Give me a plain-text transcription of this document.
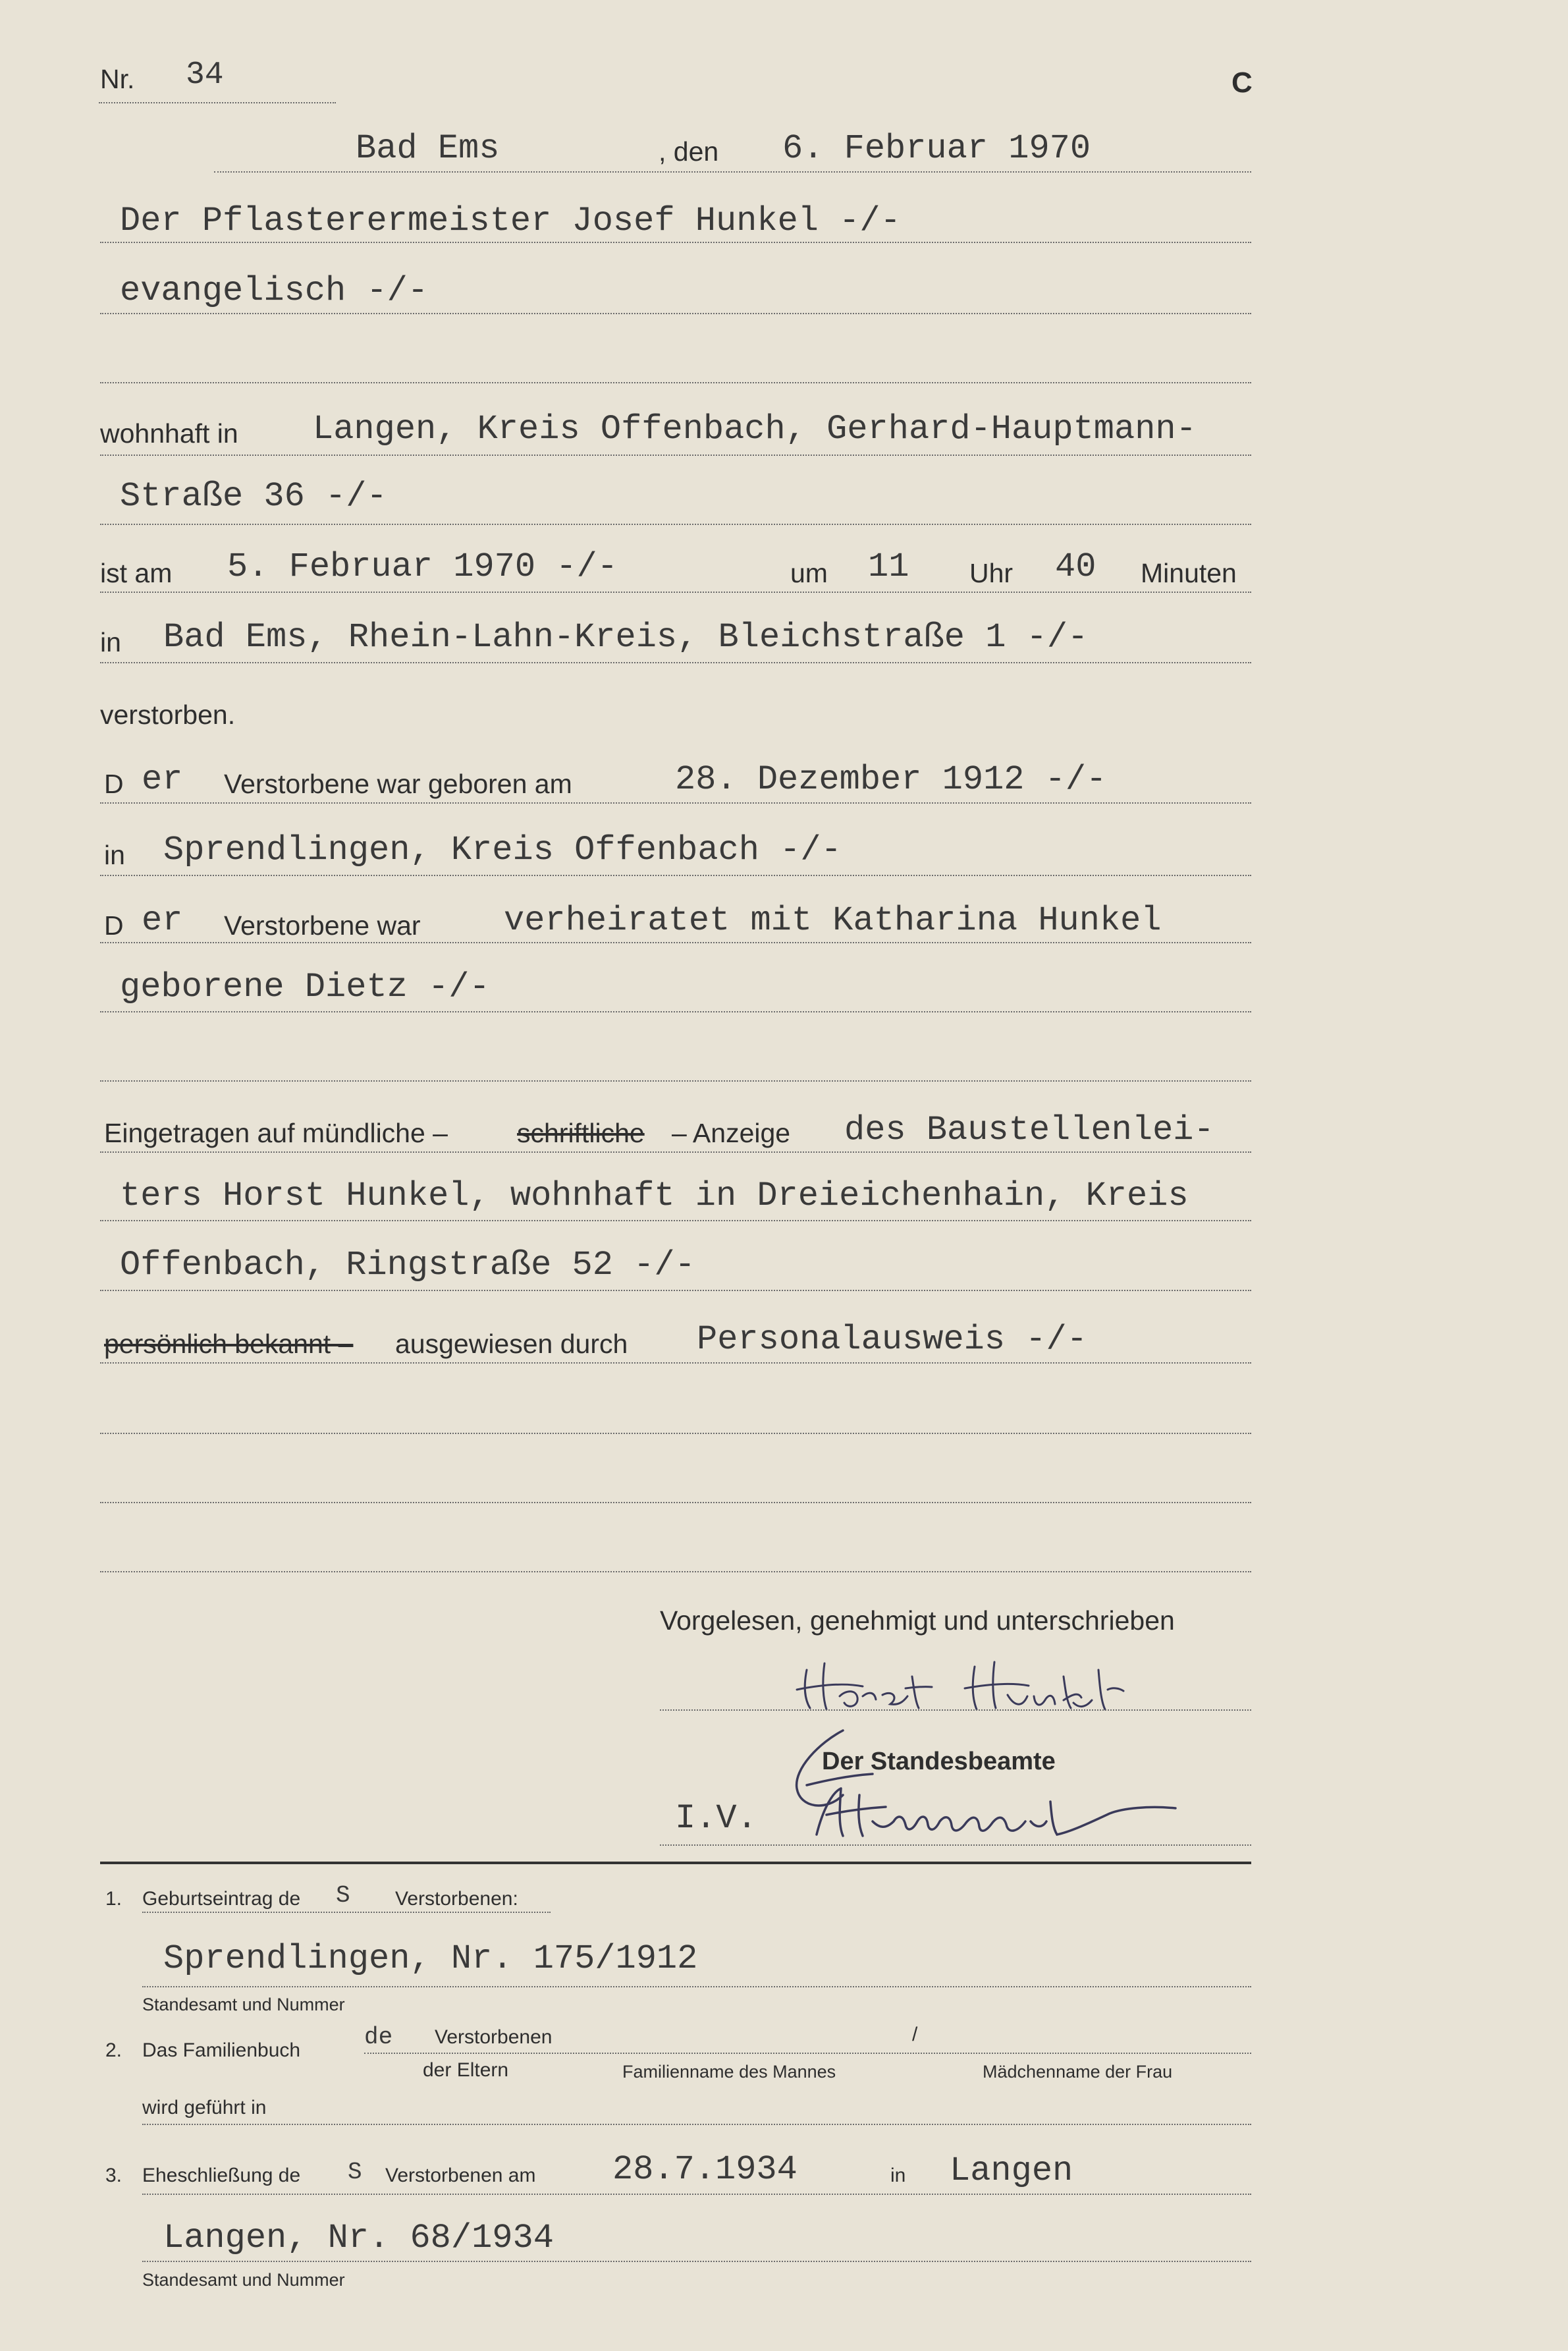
Nr. 34	C
Bad Ems	, den 6. Februar 1970
Der Pflasterermeister Josef Hunkel -/-
evangelisch -/-
wohnhaft in Langen, Kreis Offenbach, Gerhard-Hauptmann-
Straße 36 -/-
ist am 5. Februar 1970 -/-	um 11 Uhr 40 Minuten
in Bad Ems, Rhein-Lahn-Kreis, Bleichstraße 1 -/-
verstorben.
D er Verstorbene war geboren am	28. Dezember 1912 -/-
in Sprendlingen, Kreis Offenbach -/-
D er Verstorbene war verheiratet mit Katharina Hunkel
geborene Dietz -/-
Eingetragen auf mündliche –	schriftliche – Anzeige des Baustellenlei-
ters Horst Hunkel, wohnhaft in Dreieichenhain, Kreis
Offenbach, Ringstraße 52 -/-
persönlich bekannt – ausgewiesen durch Personalausweis -/-
Vorgelesen, genehmigt und unterschrieben
Der Standesbeamte
I.V.
1. Geburtseintrag de S Verstorbenen:
Sprendlingen, Nr. 175/1912
Standesamt und Nummer
2. Das Familienbuch	de Verstorbenen	/
der Eltern	Familienname des Mannes	Mädchenname der Frau
wird geführt in
3. Eheschließung de S Verstorbenen am 28.7.1934	in Langen
Langen, Nr. 68/1934
Standesamt und Nummer
